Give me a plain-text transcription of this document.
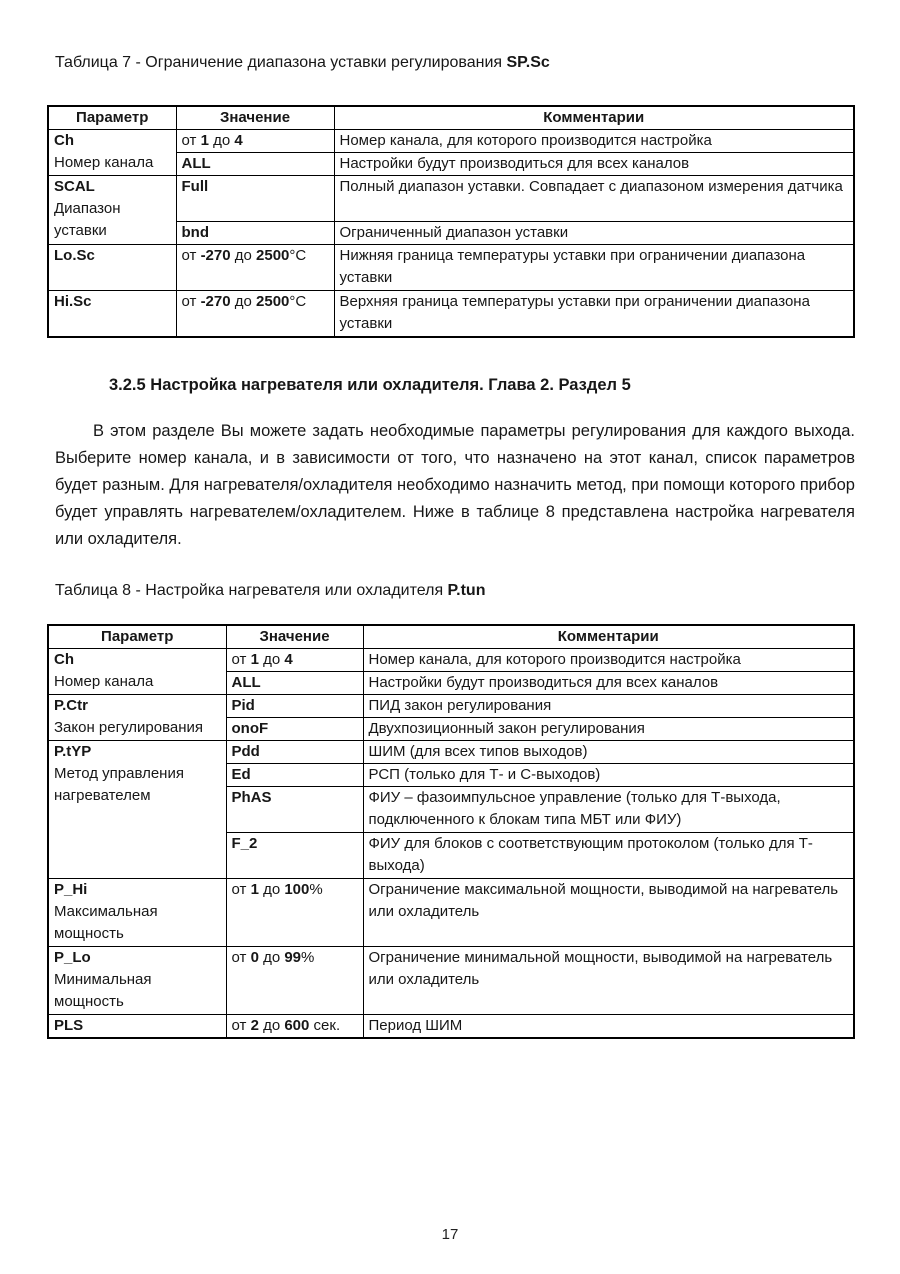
Таблица 7 - Ограничение диапазона уставки регулирования SP.Sc

Параметр	Значение	Комментарии

Ch
Номер канала	от 1 до 4	Номер канала, для которого производится настройка
	ALL	Настройки будут производиться для всех каналов

SCAL
Диапазон уставки	Full	Полный диапазон уставки. Совпадает с диапазоном измерения датчика
	bnd	Ограниченный диапазон уставки
Lo.Sc	от -270 до 2500°C	Нижняя граница температуры уставки при ограничении диапазона уставки
Hi.Sc	от -270 до 2500°C	Верхняя граница температуры уставки при ограничении диапазона уставки
3.2.5 Настройка нагревателя или охладителя. Глава 2. Раздел 5

В этом разделе Вы можете задать необходимые параметры регулирования для каждого выхода. Выберите номер канала, и в зависимости от того, что назначено на этот канал, список параметров будет разным. Для нагревателя/охладителя необходимо назначить метод, при помощи которого прибор будет управлять нагревателем/охладителем. Ниже в таблице 8 представлена настройка нагревателя или охладителя.

Таблица 8 - Настройка нагревателя или охладителя P.tun

Параметр	Значение	Комментарии

Ch
Номер канала	от 1 до 4	Номер канала, для которого производится настройка
	ALL	Настройки будут производиться для всех каналов

P.Ctr
Закон регулирования	Pid	ПИД закон регулирования
	onoF	Двухпозиционный закон регулирования

P.tYP
Метод управления нагревателем	Pdd	ШИМ (для всех типов выходов)
	Ed	РСП (только для Т- и С-выходов)
	PhAS	ФИУ – фазоимпульсное управление (только для Т-выхода, подключенного к блокам типа МБТ или ФИУ)
	F_2	ФИУ для блоков с соответствующим протоколом (только для Т-выхода)

P_Hi
Максимальная мощность	от 1 до 100%	Ограничение максимальной мощности, выводимой на нагреватель или охладитель

P_Lo
Минимальная мощность	от 0 до 99%	Ограничение минимальной мощности, выводимой на нагреватель или охладитель
PLS	от 2 до 600 сек.	Период ШИМ
17
